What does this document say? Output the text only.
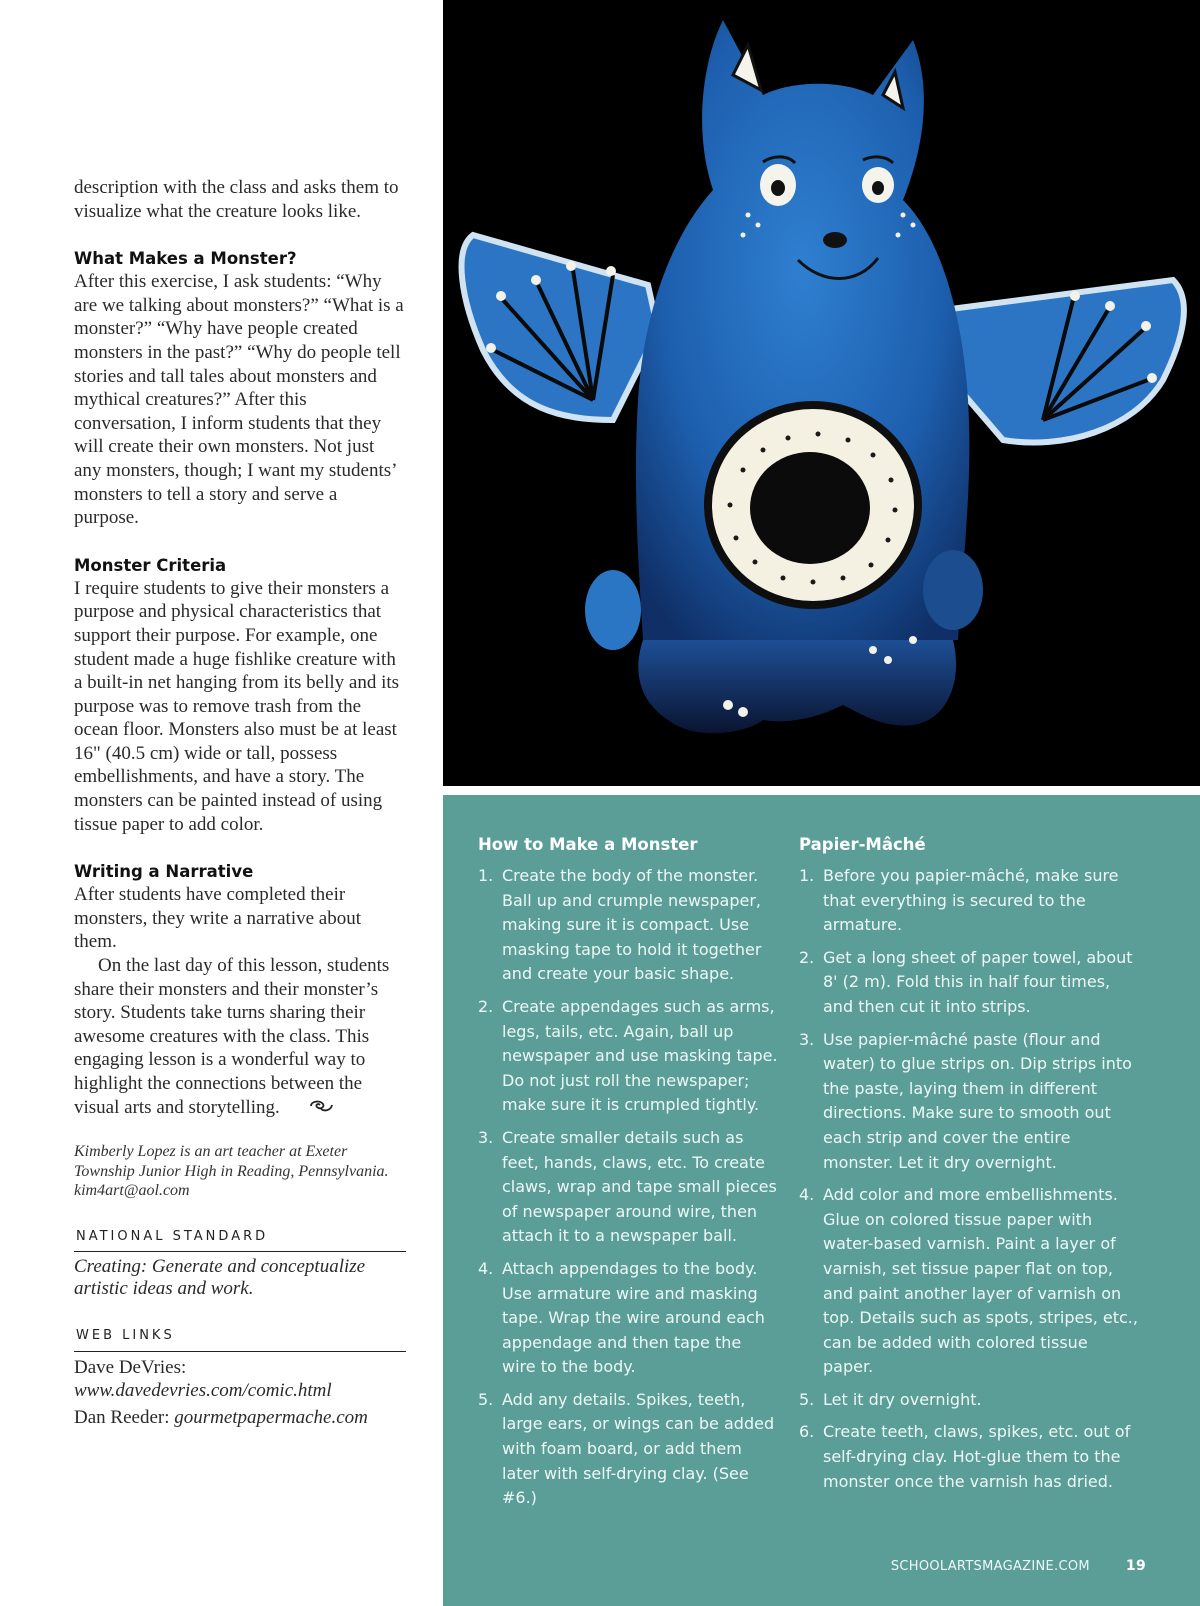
description with the class and asks them to visualize what the creature looks like.

What Makes a Monster?

After this exercise, I ask students: “Why are we talking about monsters?” “What is a monster?” “Why have people created monsters in the past?” “Why do people tell stories and tall tales about monsters and mythical creatures?” After this conversation, I inform students that they will create their own monsters. Not just any monsters, though; I want my students’ monsters to tell a story and serve a purpose.

Monster Criteria

I require students to give their monsters a purpose and physical characteristics that support their purpose. For example, one student made a huge fishlike creature with a built-in net hanging from its belly and its purpose was to remove trash from the ocean floor. Monsters also must be at least 16" (40.5 cm) wide or tall, possess embellishments, and have a story. The monsters can be painted instead of using tissue paper to add color.

Writing a Narrative

After students have completed their monsters, they write a narrative about them.

On the last day of this lesson, students share their monsters and their monster’s story. Students take turns sharing their awesome creatures with the class. This engaging lesson is a wonderful way to highlight the connections between the visual arts and storytelling.

Kimberly Lopez is an art teacher at Exeter Township Junior High in Reading, Pennsylvania. kim4art@aol.com

NATIONAL STANDARD

Creating: Generate and conceptualize artistic ideas and work.

WEB LINKS

Dave DeVries: www.davedevries.com/comic.html

Dan Reeder: gourmetpapermache.com

How to Make a Monster
1. Create the body of the monster. Ball up and crumple newspaper, making sure it is compact. Use masking tape to hold it together and create your basic shape.
2. Create appendages such as arms, legs, tails, etc. Again, ball up newspaper and use masking tape. Do not just roll the newspaper; make sure it is crumpled tightly.
3. Create smaller details such as feet, hands, claws, etc. To create claws, wrap and tape small pieces of newspaper around wire, then attach it to a newspaper ball.
4. Attach appendages to the body. Use armature wire and masking tape. Wrap the wire around each appendage and then tape the wire to the body.
5. Add any details. Spikes, teeth, large ears, or wings can be added with foam board, or add them later with self-drying clay. (See #6.)
Papier-Mâché
1. Before you papier-mâché, make sure that everything is secured to the armature.
2. Get a long sheet of paper towel, about 8' (2 m). Fold this in half four times, and then cut it into strips.
3. Use papier-mâché paste (flour and water) to glue strips on. Dip strips into the paste, laying them in different directions. Make sure to smooth out each strip and cover the entire monster. Let it dry overnight.
4. Add color and more embellishments. Glue on colored tissue paper with water-based varnish. Paint a layer of varnish, set tissue paper flat on top, and paint another layer of varnish on top. Details such as spots, stripes, etc., can be added with colored tissue paper.
5. Let it dry overnight.
6. Create teeth, claws, spikes, etc. out of self-drying clay. Hot-glue them to the monster once the varnish has dried.
SCHOOLARTSMAGAZINE.COM	19
